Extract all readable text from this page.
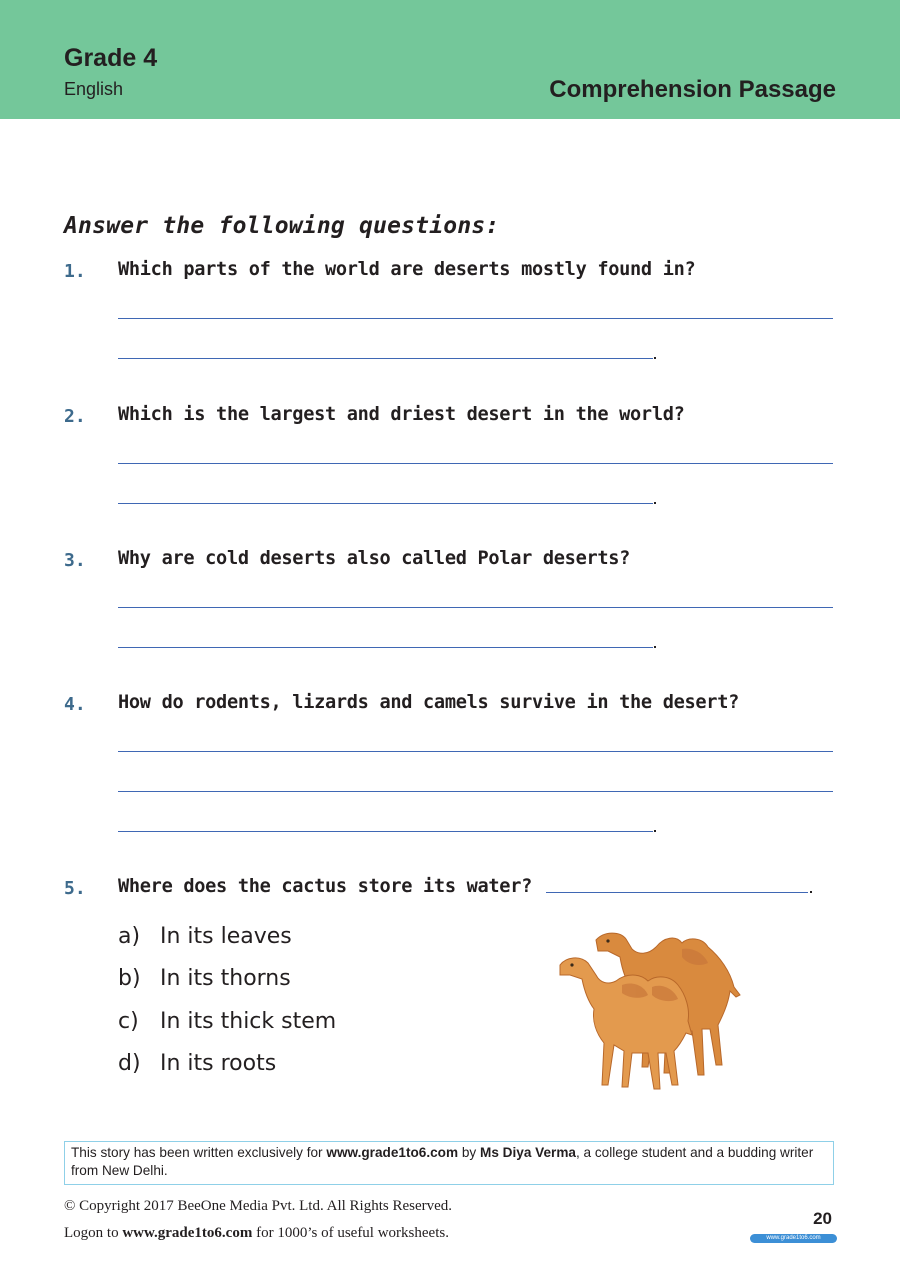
Grade 4
English	Comprehension Passage
Answer the following questions:
1. Which parts of the world are deserts mostly found in?
2. Which is the largest and driest desert in the world?
3. Why are cold deserts also called Polar deserts?
4. How do rodents, lizards and camels survive in the desert?
5. Where does the cactus store its water?
a) In its leaves
b) In its thorns
c) In its thick stem
d) In its roots
This story has been written exclusively for www.grade1to6.com by Ms Diya Verma, a college student and a budding writer from New Delhi.
© Copyright 2017 BeeOne Media Pvt. Ltd. All Rights Reserved.
Logon to www.grade1to6.com for 1000’s of useful worksheets.
20
www.grade1to6.com
